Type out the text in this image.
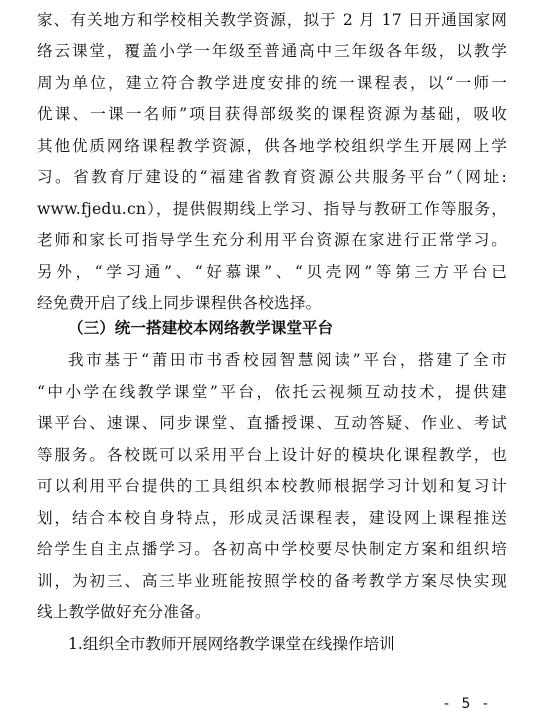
家、有关地方和学校相关教学资源，拟于 2 月 17 日开通国家网
络云课堂，覆盖小学一年级至普通高中三年级各年级，以教学
周为单位，建立符合教学进度安排的统一课程表，以“一师一
优课、一课一名师”项目获得部级奖的课程资源为基础，吸收
其他优质网络课程教学资源，供各地学校组织学生开展网上学
习。省教育厅建设的“福建省教育资源公共服务平台”（网址:
www.fjedu.cn），提供假期线上学习、指导与教研工作等服务，
老师和家长可指导学生充分利用平台资源在家进行正常学习。
另外，“学习通”、“好慕课”、“贝壳网”等第三方平台已
经免费开启了线上同步课程供各校选择。
（三）统一搭建校本网络教学课堂平台
我市基于“莆田市书香校园智慧阅读”平台，搭建了全市
“中小学在线教学课堂”平台，依托云视频互动技术，提供建
课平台、速课、同步课堂、直播授课、互动答疑、作业、考试
等服务。各校既可以采用平台上设计好的模块化课程教学，也
可以利用平台提供的工具组织本校教师根据学习计划和复习计
划，结合本校自身特点，形成灵活课程表，建设网上课程推送
给学生自主点播学习。各初高中学校要尽快制定方案和组织培
训，为初三、高三毕业班能按照学校的备考教学方案尽快实现
线上教学做好充分准备。
1.组织全市教师开展网络教学课堂在线操作培训
- 5 -
